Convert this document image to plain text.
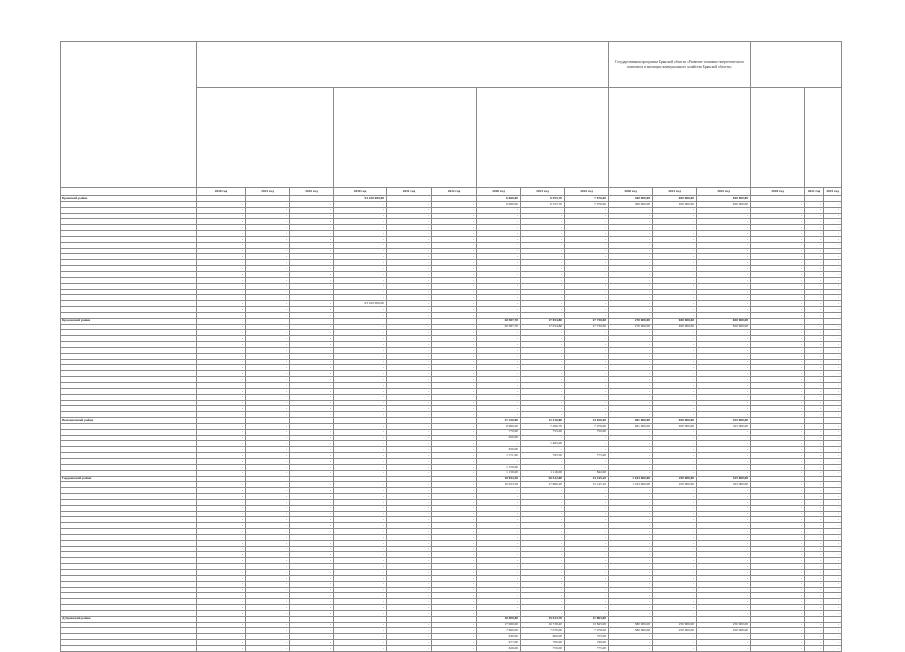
										Государственная программа Брянской области «Развитие топливно-энергетического комплекса и жилищно-коммунального хозяйства Брянской области»					

	2020 год	2021 год	2022 год	2020 год	2021 год	2022 год	2020 год	2021 год	2022 год	2020 год	2021 год	2022 год	2020 год	2021 год	2022 год
Брянский район				93 220 000,00			6 660,00	6 553,70	7 076,00	360 000,00	650 000,00	650 000,00			
	-	-	-	-	-	-	6 660,00	6 553,70	7 076,00	360 000,00	650 000,00	650 000,00	-	-	-
	-	-	-	-	-	-	-	-	-	-	-	-	-	-	-
	-	-	-	-	-	-	-	-	-	-	-	-	-	-	-
	-	-	-	-	-	-	-	-	-	-	-	-	-	-	-
	-	-	-	-	-	-	-	-	-	-	-	-	-	-	-
	-	-	-	-	-	-	-	-	-	-	-	-	-	-	-
	-	-	-	-	-	-	-	-	-	-	-	-	-	-	-
	-	-	-	-	-	-	-	-	-	-	-	-	-	-	-
	-	-	-	-	-	-	-	-	-	-	-	-	-	-	-
	-	-	-	-	-	-	-	-	-	-	-	-	-	-	-
	-	-	-	-	-	-	-	-	-	-	-	-	-	-	-
	-	-	-	-	-	-	-	-	-	-	-	-	-	-	-
	-	-	-	-	-	-	-	-	-	-	-	-	-	-	-
	-	-	-	-	-	-	-	-	-	-	-	-	-	-	-
	-	-	-	-	-	-	-	-	-	-	-	-	-	-	-
	-	-	-	-	-	-	-	-	-	-	-	-	-	-	-
	-	-	-	-	-	-	-	-	-	-	-	-	-	-	-
	-	-	-	93 220 000,00	-	-	-	-	-	-	-	-	-	-	-
	-	-	-	-	-	-	-	-	-	-	-	-	-	-	-
	-	-	-	-	-	-	-	-	-	-	-	-	-	-	-
Брасовский район							20 587,70	17 054,80	17 730,00	270 000,00	650 000,00	650 000,00			
	-	-	-	-	-	-	20 587,70	17 054,80	17 730,00	270 000,00	650 000,00	650 000,00	-	-	-
	-	-	-	-	-	-	-	-	-	-	-	-	-	-	-
	-	-	-	-	-	-	-	-	-	-	-	-	-	-	-
	-	-	-	-	-	-	-	-	-	-	-	-	-	-	-
	-	-	-	-	-	-	-	-	-	-	-	-	-	-	-
	-	-	-	-	-	-	-	-	-	-	-	-	-	-	-
	-	-	-	-	-	-	-	-	-	-	-	-	-	-	-
	-	-	-	-	-	-	-	-	-	-	-	-	-	-	-
	-	-	-	-	-	-	-	-	-	-	-	-	-	-	-
	-	-	-	-	-	-	-	-	-	-	-	-	-	-	-
	-	-	-	-	-	-	-	-	-	-	-	-	-	-	-
	-	-	-	-	-	-	-	-	-	-	-	-	-	-	-
	-	-	-	-	-	-	-	-	-	-	-	-	-	-	-
	-	-	-	-	-	-	-	-	-	-	-	-	-	-	-
	-	-	-	-	-	-	-	-	-	-	-	-	-	-	-
	-	-	-	-	-	-	-	-	-	-	-	-	-	-	-
Выгоничский район							17 220,00	12 310,80	13 020,40	481 000,00	650 000,00	325 000,00			
	-	-	-	-	-	-	6 660,00	7 206,70	7 076,00	481 000,00	650 000,00	325 000,00	-	-	-
	-	-	-	-	-	-	770,00	755,00	750,00	-	-	-	-	-	-
	-	-	-	-	-	-	650,00	-	-	-	-	-	-	-	-
	-	-	-	-	-	-	-	1 465,00	-	-	-	-	-	-	-
	-	-	-	-	-	-	650,00	-	-	-	-	-	-	-	-
	-	-	-	-	-	-	1 571,00	765,50	775,00	-	-	-	-	-	-
	-	-	-	-	-	-	-	-	-	-	-	-	-	-	-
	-	-	-	-	-	-	1 150,00	-	-	-	-	-	-	-	-
	-	-	-	-	-	-	1 159,00	1 116,00	842,00	-	-	-	-	-	-
Гордеевский район							10 053,30	20 512,00	13 145,10	1 163 600,00	250 000,00	325 000,00			
	-	-	-	-	-	-	10 053,30	17 860,20	13 145,10	1 163 600,00	250 000,00	325 000,00	-	-	-
	-	-	-	-	-	-	-	-	-	-	-	-	-	-	-
	-	-	-	-	-	-	-	-	-	-	-	-	-	-	-
	-	-	-	-	-	-	-	-	-	-	-	-	-	-	-
	-	-	-	-	-	-	-	-	-	-	-	-	-	-	-
	-	-	-	-	-	-	-	-	-	-	-	-	-	-	-
	-	-	-	-	-	-	-	-	-	-	-	-	-	-	-
	-	-	-	-	-	-	-	-	-	-	-	-	-	-	-
	-	-	-	-	-	-	-	-	-	-	-	-	-	-	-
	-	-	-	-	-	-	-	-	-	-	-	-	-	-	-
	-	-	-	-	-	-	-	-	-	-	-	-	-	-	-
	-	-	-	-	-	-	-	-	-	-	-	-	-	-	-
	-	-	-	-	-	-	-	-	-	-	-	-	-	-	-
	-	-	-	-	-	-	-	-	-	-	-	-	-	-	-
	-	-	-	-	-	-	-	-	-	-	-	-	-	-	-
	-	-	-	-	-	-	-	-	-	-	-	-	-	-	-
	-	-	-	-	-	-	-	-	-	-	-	-	-	-	-
	-	-	-	-	-	-	-	-	-	-	-	-	-	-	-
	-	-	-	-	-	-	-	-	-	-	-	-	-	-	-
	-	-	-	-	-	-	-	-	-	-	-	-	-	-	-
	-	-	-	-	-	-	-	-	-	-	-	-	-	-	-
	-	-	-	-	-	-	-	-	-	-	-	-	-	-	-
	-	-	-	-	-	-	-	-	-	-	-	-	-	-	-
Дубровский район							10 000,00	15 613,70	11 863,00						
	-	-	-	-	-	-	17 060,00	16 728,40	13 845,00	580 000,00	250 000,00	250 000,00	-	-	-
	-	-	-	-	-	-	7 660,00	7 076,00	7 076,00	580 000,00	250 000,00	250 000,00	-	-	-
	-	-	-	-	-	-	630,00	600,00	755,00	-	-	-	-	-	-
	-	-	-	-	-	-	677,00	700,00	746,00	-	-	-	-	-	-
	-	-	-	-	-	-	626,00	750,00	775,00	-	-	-	-	-	-
